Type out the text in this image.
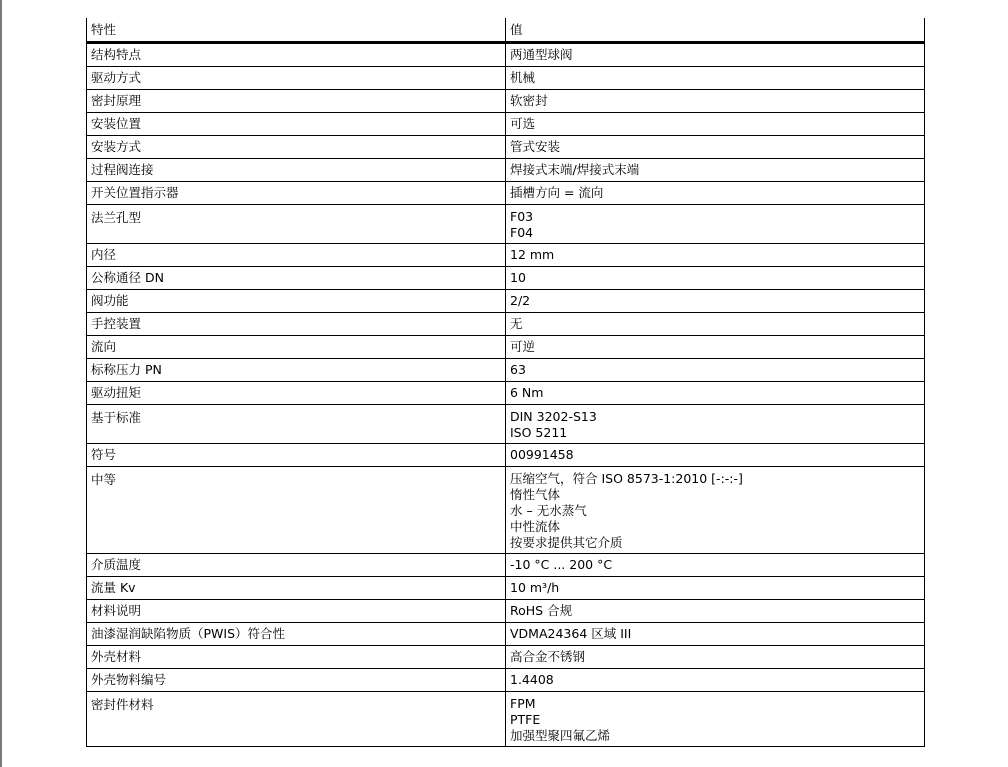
特性	值
结构特点	两通型球阀

驱动方式	机械

密封原理	软密封

安装位置	可选

安装方式	管式安装

过程阀连接	焊接式末端/焊接式末端

开关位置指示器	插槽方向 = 流向

法兰孔型	F03
F04

内径	12 mm

公称通径 DN	10

阀功能	2/2

手控装置	无

流向	可逆

标称压力 PN	63

驱动扭矩	6 Nm

基于标准	DIN 3202-S13
ISO 5211

符号	00991458

中等	压缩空气，符合 ISO 8573-1:2010 [-:-:-]
惰性气体
水 – 无水蒸气
中性流体
按要求提供其它介质

介质温度	-10 °C ... 200 °C

流量 Kv	10 m³/h

材料说明	RoHS 合规

油漆湿润缺陷物质（PWIS）符合性	VDMA24364 区域 III

外壳材料	高合金不锈钢

外壳物料编号	1.4408

密封件材料	FPM
PTFE
加强型聚四氟乙烯
